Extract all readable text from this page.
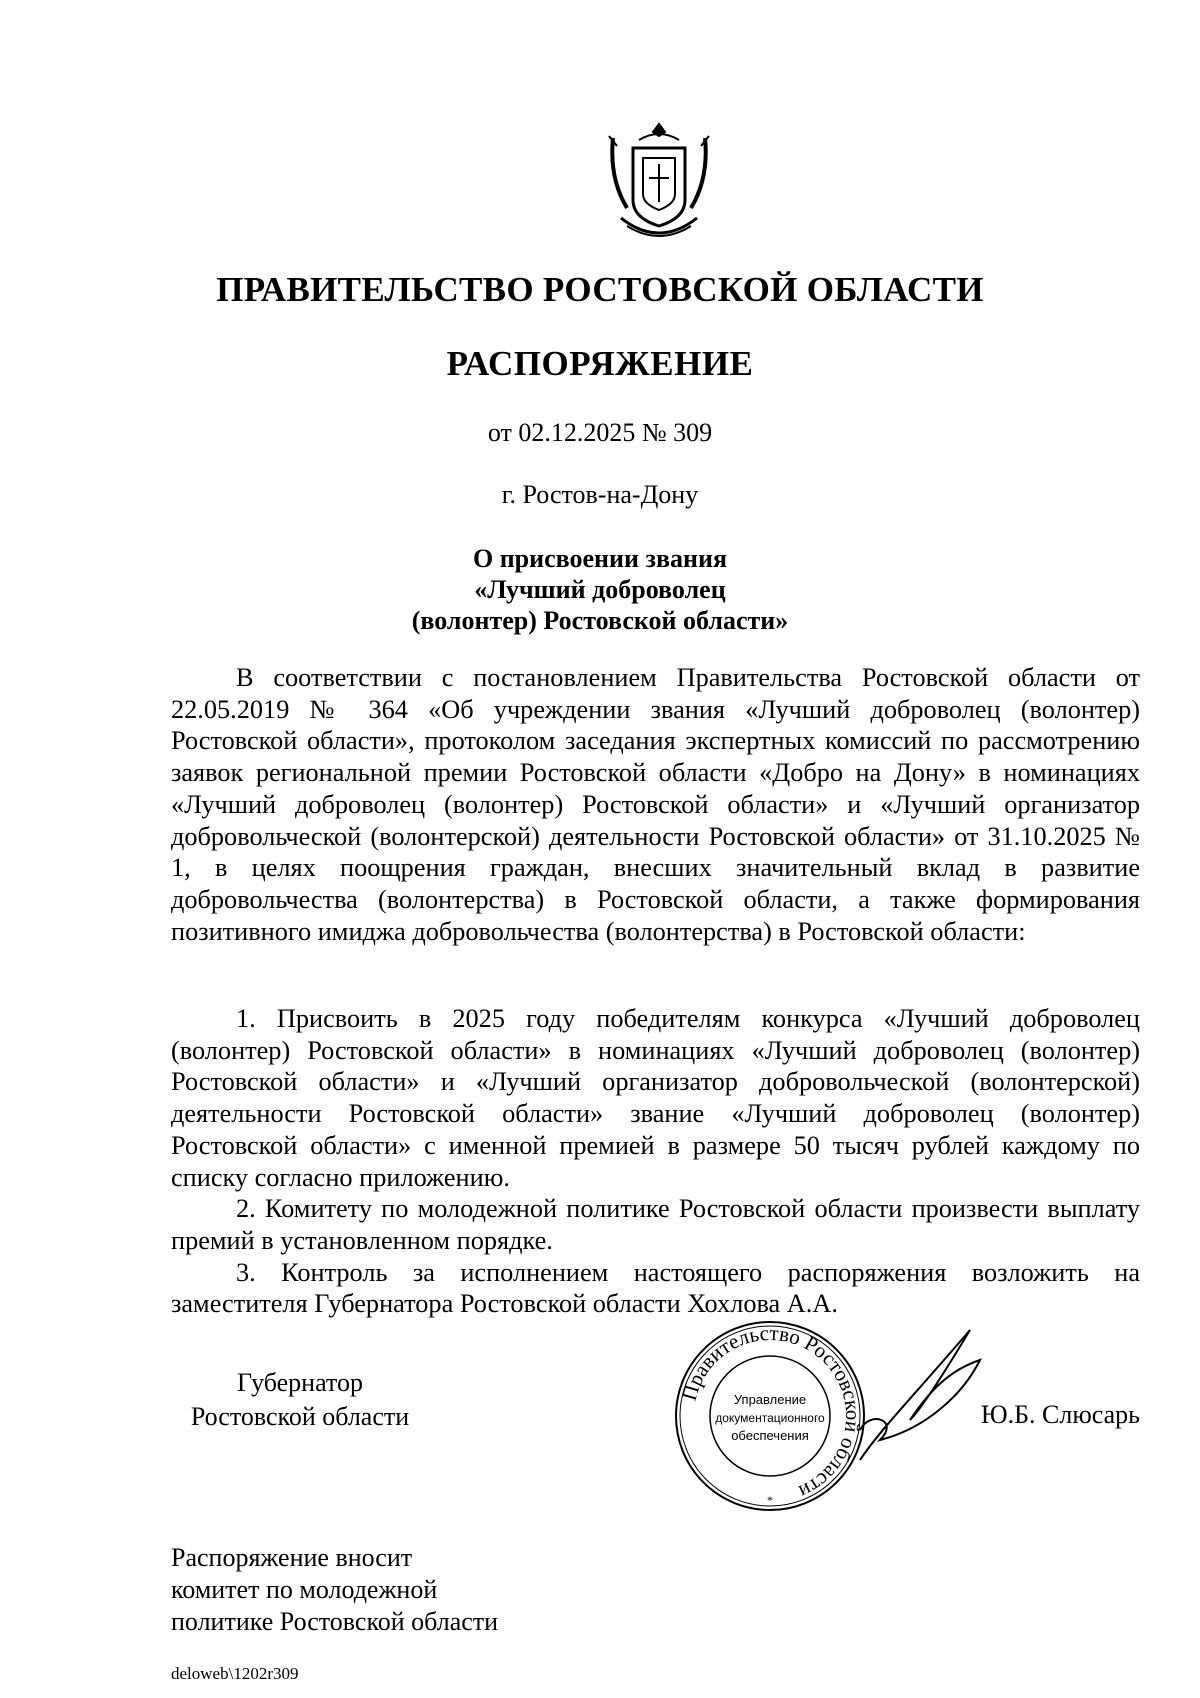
ПРАВИТЕЛЬСТВО РОСТОВСКОЙ ОБЛАСТИ
РАСПОРЯЖЕНИЕ
от 02.12.2025 № 309
г. Ростов-на-Дону
О присвоении звания
«Лучший доброволец
(волонтер) Ростовской области»

В соответствии с постановлением Правительства Ростовской области от 22.05.2019 № 364 «Об учреждении звания «Лучший доброволец (волонтер) Ростовской области», протоколом заседания экспертных комиссий по рассмотрению заявок региональной премии Ростовской области «Добро на Дону» в номинациях «Лучший доброволец (волонтер) Ростовской области» и «Лучший организатор добровольческой (волонтерской) деятельности Ростовской области» от 31.10.2025 № 1, в целях поощрения граждан, внесших значительный вклад в развитие добровольчества (волонтерства) в Ростовской области, а также формирования позитивного имиджа добровольчества (волонтерства) в Ростовской области:

1. Присвоить в 2025 году победителям конкурса «Лучший доброволец (волонтер) Ростовской области» в номинациях «Лучший доброволец (волонтер) Ростовской области» и «Лучший организатор добровольческой (волонтерской) деятельности Ростовской области» звание «Лучший доброволец (волонтер) Ростовской области» с именной премией в размере 50 тысяч рублей каждому по списку согласно приложению.

2. Комитету по молодежной политике Ростовской области произвести выплату премий в установленном порядке.

3. Контроль за исполнением настоящего распоряжения возложить на заместителя Губернатора Ростовской области Хохлова А.А.

Губернатор
Ростовской области
Правительство Ростовской области
Управление
документационного
обеспечения
*
Ю.Б. Слюсарь
Распоряжение вносит
комитет по молодежной
политике Ростовской области
deloweb\1202r309
